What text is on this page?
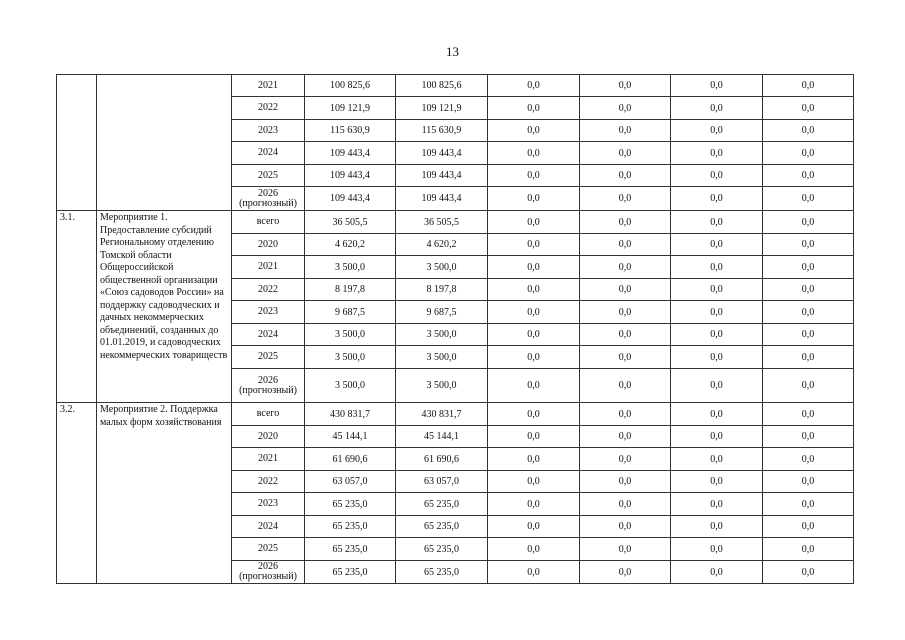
13
		2021	100 825,6	100 825,6	0,0	0,0	0,0	0,0
		2022	109 121,9	109 121,9	0,0	0,0	0,0	0,0
		2023	115 630,9	115 630,9	0,0	0,0	0,0	0,0
		2024	109 443,4	109 443,4	0,0	0,0	0,0	0,0
		2025	109 443,4	109 443,4	0,0	0,0	0,0	0,0
		2026 (прогнозный)	109 443,4	109 443,4	0,0	0,0	0,0	0,0
3.1.	Мероприятие 1. Предоставление субсидий Региональному отделению Томской области Общероссийской общественной организации «Союз садоводов России» на поддержку садоводческих и дачных некоммерческих объединений, созданных до 01.01.2019, и садоводческих некоммерческих товариществ	всего	36 505,5	36 505,5	0,0	0,0	0,0	0,0
		2020	4 620,2	4 620,2	0,0	0,0	0,0	0,0
		2021	3 500,0	3 500,0	0,0	0,0	0,0	0,0
		2022	8 197,8	8 197,8	0,0	0,0	0,0	0,0
		2023	9 687,5	9 687,5	0,0	0,0	0,0	0,0
		2024	3 500,0	3 500,0	0,0	0,0	0,0	0,0
		2025	3 500,0	3 500,0	0,0	0,0	0,0	0,0
		2026 (прогнозный)	3 500,0	3 500,0	0,0	0,0	0,0	0,0
3.2.	Мероприятие 2. Поддержка малых форм хозяйствования	всего	430 831,7	430 831,7	0,0	0,0	0,0	0,0
		2020	45 144,1	45 144,1	0,0	0,0	0,0	0,0
		2021	61 690,6	61 690,6	0,0	0,0	0,0	0,0
		2022	63 057,0	63 057,0	0,0	0,0	0,0	0,0
		2023	65 235,0	65 235,0	0,0	0,0	0,0	0,0
		2024	65 235,0	65 235,0	0,0	0,0	0,0	0,0
		2025	65 235,0	65 235,0	0,0	0,0	0,0	0,0
		2026 (прогнозный)	65 235,0	65 235,0	0,0	0,0	0,0	0,0
